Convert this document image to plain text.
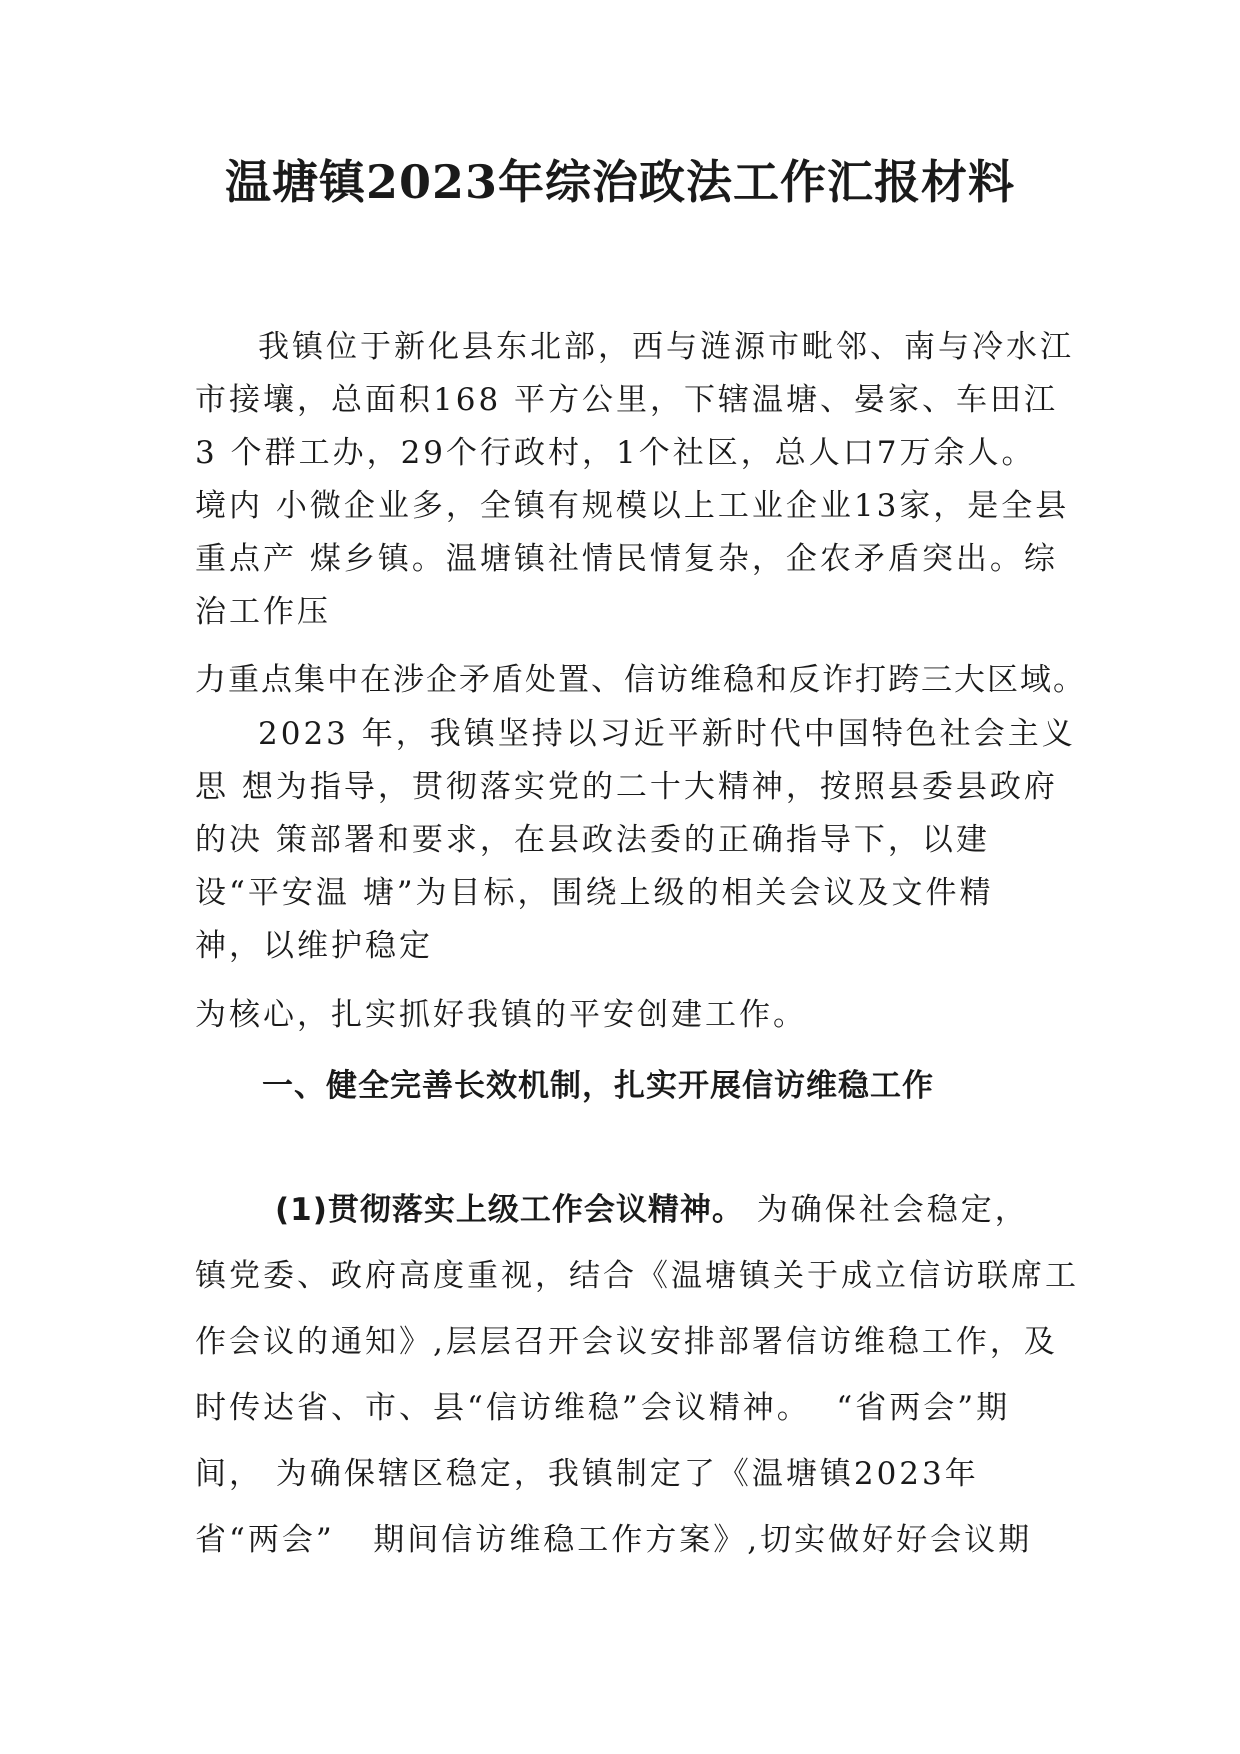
温塘镇2023年综治政法工作汇报材料

我镇位于新化县东北部，西与涟源市毗邻、南与冷水江

市接壤，总面积168 平方公里，下辖温塘、晏家、车田江

3 个群工办，29个行政村，1个社区，总人口7万余人。

境内 小微企业多，全镇有规模以上工业企业13家，是全县

重点产 煤乡镇。温塘镇社情民情复杂，企农矛盾突出。综

治工作压

力重点集中在涉企矛盾处置、信访维稳和反诈打跨三大区域。

2023 年，我镇坚持以习近平新时代中国特色社会主义

思 想为指导，贯彻落实党的二十大精神，按照县委县政府

的决 策部署和要求，在县政法委的正确指导下，以建

设“平安温 塘”为目标，围绕上级的相关会议及文件精

神，以维护稳定

为核心，扎实抓好我镇的平安创建工作。

一、健全完善长效机制，扎实开展信访维稳工作

(1)贯彻落实上级工作会议精神。 为确保社会稳定，

镇党委、政府高度重视，结合《温塘镇关于成立信访联席工

作会议的通知》,层层召开会议安排部署信访维稳工作，及

时传达省、市、县“信访维稳”会议精神。  “省两会”期

间， 为确保辖区稳定，我镇制定了《温塘镇2023年

省“两会”   期间信访维稳工作方案》,切实做好好会议期
